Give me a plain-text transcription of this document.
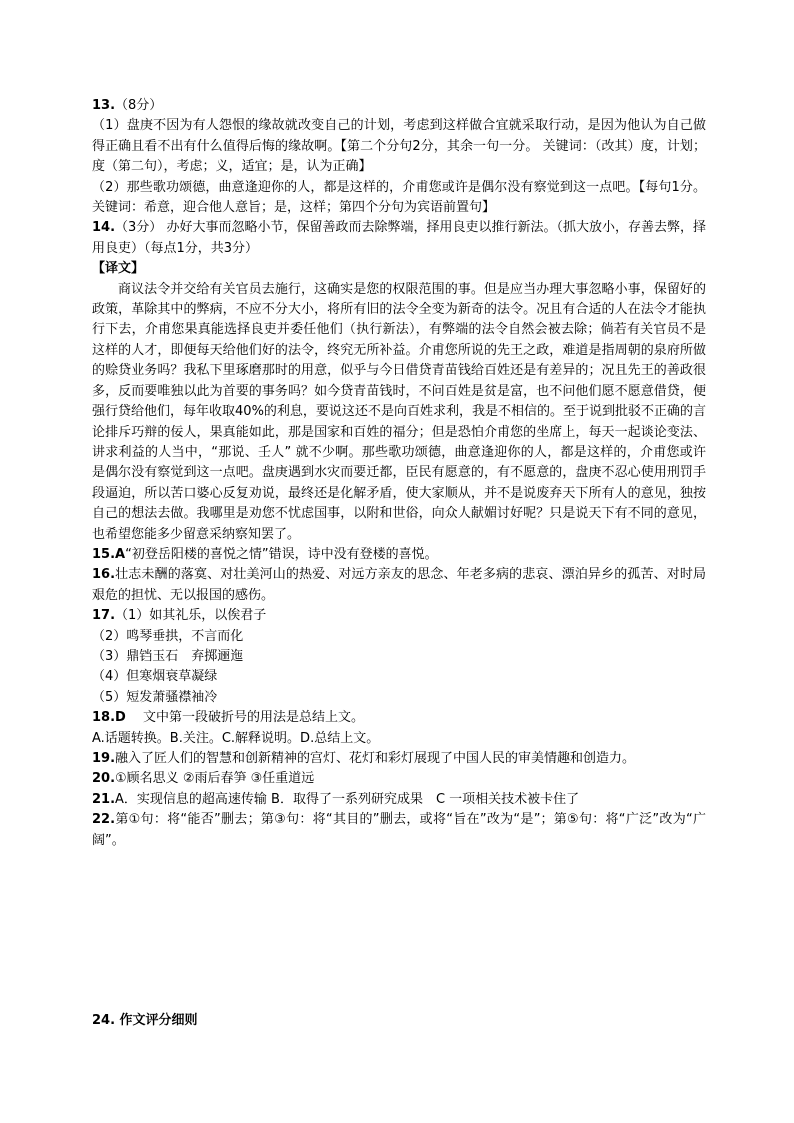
13.（8分）

（1）盘庚不因为有人怨恨的缘故就改变自己的计划，考虑到这样做合宜就采取行动，是因为他认为自己做得正确且看不出有什么值得后悔的缘故啊。【第二个分句2分，其余一句一分。 关键词：（改其）度，计划；度（第二句），考虑；义，适宜；是，认为正确】

（2）那些歌功颂德，曲意逢迎你的人，都是这样的，介甫您或许是偶尔没有察觉到这一点吧。【每句1分。关键词：希意，迎合他人意旨；是，这样；第四个分句为宾语前置句】

14.（3分） 办好大事而忽略小节，保留善政而去除弊端，择用良吏以推行新法。（抓大放小，存善去弊，择用良吏）（每点1分，共3分）

【译文】

商议法令并交给有关官员去施行，这确实是您的权限范围的事。但是应当办理大事忽略小事，保留好的政策，革除其中的弊病，不应不分大小，将所有旧的法令全变为新奇的法令。况且有合适的人在法令才能执行下去，介甫您果真能选择良吏并委任他们（执行新法），有弊端的法令自然会被去除；倘若有关官员不是这样的人才，即便每天给他们好的法令，终究无所补益。介甫您所说的先王之政，难道是指周朝的泉府所做的赊贷业务吗？我私下里琢磨那时的用意，似乎与今日借贷青苗钱给百姓还是有差异的；况且先王的善政很多，反而要唯独以此为首要的事务吗？如今贷青苗钱时，不问百姓是贫是富，也不问他们愿不愿意借贷，便强行贷给他们，每年收取40%的利息，要说这还不是向百姓求利，我是不相信的。至于说到批驳不正确的言论排斥巧辩的佞人，果真能如此，那是国家和百姓的福分；但是恐怕介甫您的坐席上，每天一起谈论变法、讲求利益的人当中，“那说、壬人” 就不少啊。那些歌功颂德，曲意逢迎你的人，都是这样的，介甫您或许是偶尔没有察觉到这一点吧。盘庚遇到水灾而要迁都，臣民有愿意的，有不愿意的，盘庚不忍心使用刑罚手段逼迫，所以苦口婆心反复劝说，最终还是化解矛盾，使大家顺从，并不是说废弃天下所有人的意见，独按自己的想法去做。我哪里是劝您不忧虑国事，以附和世俗，向众人献媚讨好呢？只是说天下有不同的意见，也希望您能多少留意采纳察知罢了。

15.A“初登岳阳楼的喜悦之情”错误，诗中没有登楼的喜悦。

16.壮志未酬的落寞、对壮美河山的热爱、对远方亲友的思念、年老多病的悲哀、漂泊异乡的孤苦、对时局艰危的担忧、无以报国的感伤。

17.（1）如其礼乐，以俟君子

（2）鸣琴垂拱，不言而化

（3）鼎铛玉石　弃掷逦迤

（4）但寒烟衰草凝绿

（5）短发萧骚襟袖冷

18.D　 文中第一段破折号的用法是总结上文。

A.话题转换。B.关注。C.解释说明。D.总结上文。

19.融入了匠人们的智慧和创新精神的宫灯、花灯和彩灯展现了中国人民的审美情趣和创造力。

20.①顾名思义 ②雨后春笋 ③任重道远

21.A．实现信息的超高速传输 B．取得了一系列研究成果　C 一项相关技术被卡住了

22.第①句：将“能否”删去；第③句：将“其目的”删去，或将“旨在”改为“是”；第⑤句：将“广泛”改为“广阔”。

24. 作文评分细则
